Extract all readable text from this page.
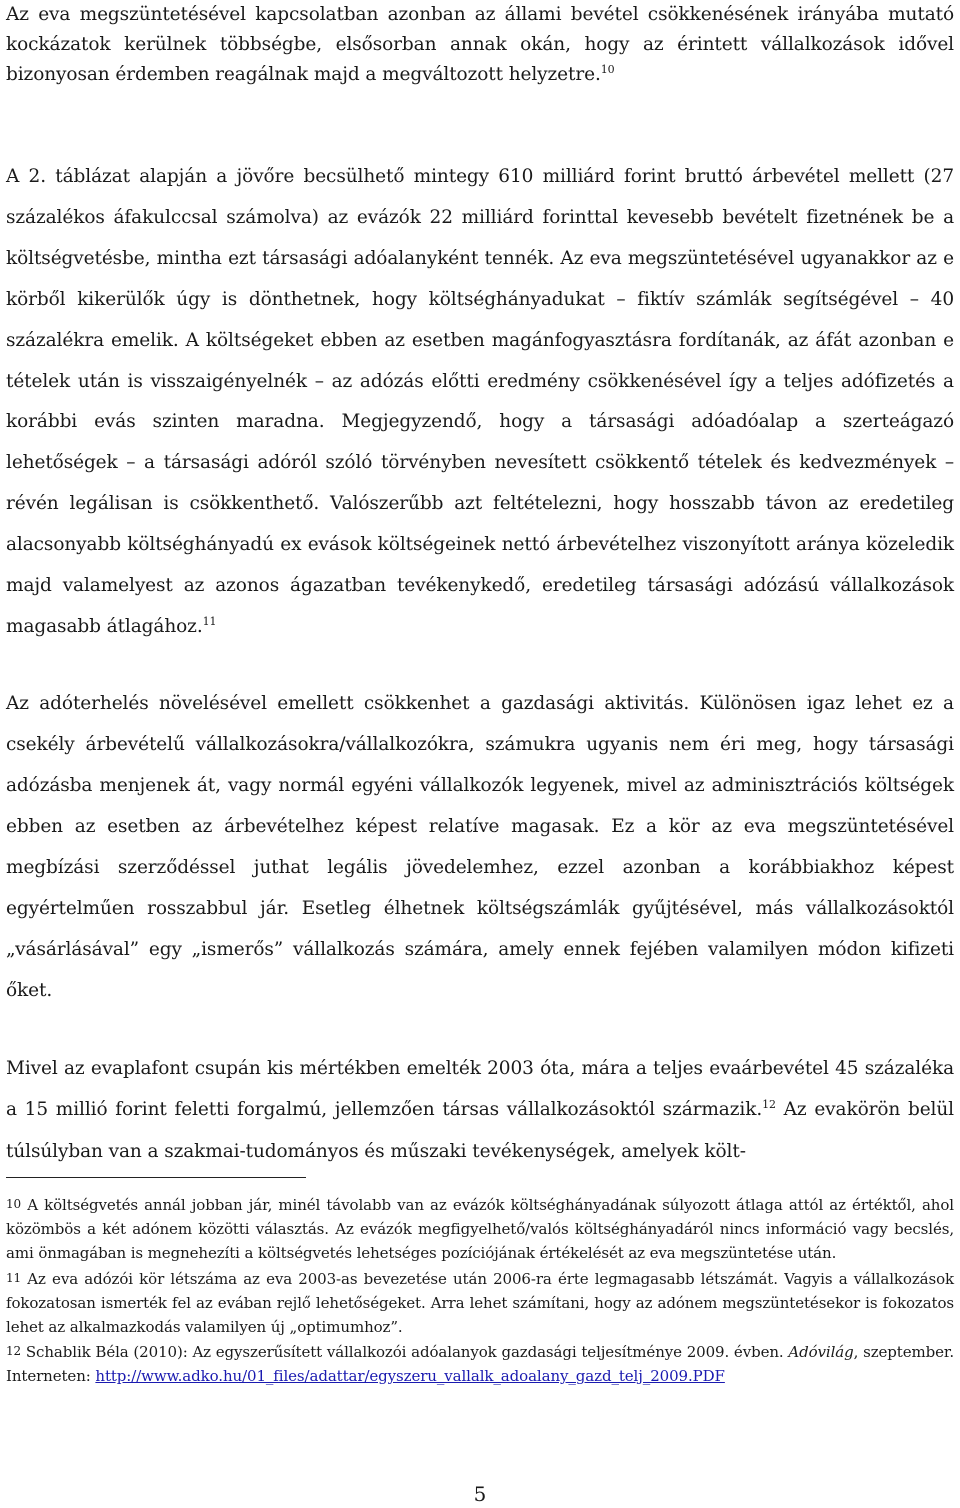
Az eva megszüntetésével kapcsolatban azonban az állami bevétel csökkenésének irányába mutató kockázatok kerülnek többségbe, elsősorban annak okán, hogy az érintett vállalkozások idővel bizonyosan érdemben reagálnak majd a megváltozott helyzetre.$^{10}$

A 2. táblázat alapján a jövőre becsülhető mintegy 610 milliárd forint bruttó árbevétel mellett (27 százalékos áfakulccsal számolva) az evázók 22 milliárd forinttal kevesebb bevételt fizetnének be a költségvetésbe, mintha ezt társasági adóalanyként tennék. Az eva megszüntetésével ugyanakkor az e körből kikerülők úgy is dönthetnek, hogy költséghányadukat – fiktív számlák segítségével – 40 százalékra emelik. A költségeket ebben az esetben magánfogyasztásra fordítanák, az áfát azonban e tételek után is visszaigényelnék – az adózás előtti eredmény csökkenésével így a teljes adófizetés a korábbi evás szinten maradna. Megjegyzendő, hogy a társasági adóadóalap a szerteágazó lehetőségek – a társasági adóról szóló törvényben nevesített csökkentő tételek és kedvezmények – révén legálisan is csökkenthető. Valószerűbb azt feltételezni, hogy hosszabb távon az eredetileg alacsonyabb költséghányadú ex evások költségeinek nettó árbevételhez viszonyított aránya közeledik majd valamelyest az azonos ágazatban tevékenykedő, eredetileg társasági adózású vállalkozások magasabb átlagához.$^{11}$

Az adóterhelés növelésével emellett csökkenhet a gazdasági aktivitás. Különösen igaz lehet ez a csekély árbevételű vállalkozásokra/vállalkozókra, számukra ugyanis nem éri meg, hogy társasági adózásba menjenek át, vagy normál egyéni vállalkozók legyenek, mivel az adminisztrációs költségek ebben az esetben az árbevételhez képest relatíve magasak. Ez a kör az eva megszüntetésével megbízási szerződéssel juthat legális jövedelemhez, ezzel azonban a korábbiakhoz képest egyértelműen rosszabbul jár. Esetleg élhetnek költségszámlák gyűjtésével, más vállalkozásoktól „vásárlásával” egy „ismerős” vállalkozás számára, amely ennek fejében valamilyen módon kifizeti őket.

Mivel az evaplafont csupán kis mértékben emelték 2003 óta, mára a teljes evaárbevétel 45 százaléka a 15 millió forint feletti forgalmú, jellemzően társas vállalkozásoktól származik.$^{12}$ Az evakörön belül túlsúlyban van a szakmai-tudományos és műszaki tevékenységek, amelyek költ-

10 A költségvetés annál jobban jár, minél távolabb van az evázók költséghányadának súlyozott átlaga attól az értéktől, ahol közömbös a két adónem közötti választás. Az evázók megfigyelhető/valós költséghányadáról nincs információ vagy becslés, ami önmagában is megnehezíti a költségvetés lehetséges pozíciójának értékelését az eva megszüntetése után.

11 Az eva adózói kör létszáma az eva 2003-as bevezetése után 2006-ra érte legmagasabb létszámát. Vagyis a vállalkozások fokozatosan ismerték fel az evában rejlő lehetőségeket. Arra lehet számítani, hogy az adónem megszüntetésekor is fokozatos lehet az alkalmazkodás valamilyen új „optimumhoz”.

12 Schablik Béla (2010): Az egyszerűsített vállalkozói adóalanyok gazdasági teljesítménye 2009. évben. Adóvilág, szeptember. Interneten: http://www.adko.hu/01_files/adattar/egyszeru_vallalk_adoalany_gazd_telj_2009.PDF

5
